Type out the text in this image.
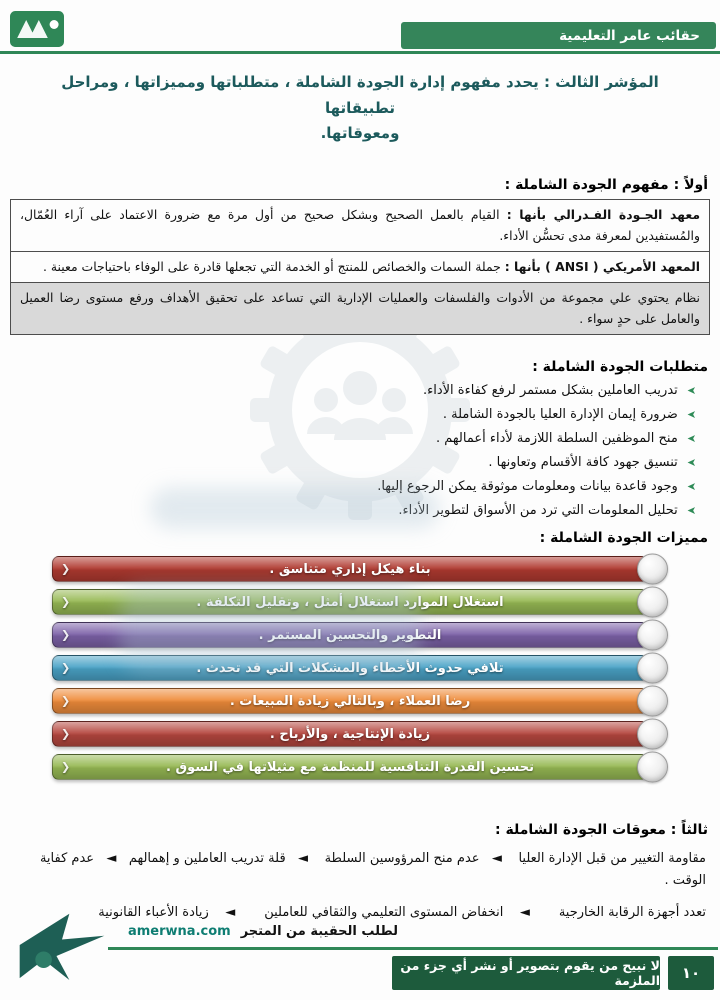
حقائب عامر التعليمية
المؤشر الثالث : يحدد مفهوم إدارة الجودة الشاملة ، متطلباتها ومميزاتها ، ومراحل تطبيقاتها
ومعوقاتها.
أولاً : مفهوم الجودة الشاملة :
معهد الجـودة الفـدرالي بأنها : القيام بالعمل الصحيح وبشكل صحيح من أول مرة مع ضرورة الاعتماد على آراء العُمّال، والمُستفيدين لمعرفة مدى تحسُّن الأداء.
المعهد الأمريكي ( ANSI ) بأنها : جملة السمات والخصائص للمنتج أو الخدمة التي تجعلها قادرة على الوفاء باحتياجات معينة .
نظام يحتوي علي مجموعة من الأدوات والفلسفات والعمليات الإدارية التي تساعد على تحقيق الأهداف ورفع مستوى رضا العميل والعامل على حدٍ سواء .
متطلبات الجودة الشاملة :
➤
تدريب العاملين بشكل مستمر لرفع كفاءة الأداء.
➤
ضرورة إيمان الإدارة العليا بالجودة الشاملة .
➤
منح الموظفين السلطة اللازمة لأداء أعمالهم .
➤
تنسيق جهود كافة الأقسام وتعاونها .
➤
وجود قاعدة بيانات ومعلومات موثوقة يمكن الرجوع إليها.
➤
تحليل المعلومات التي ترد من الأسواق لتطوير الأداء.
مميزات الجودة الشاملة :
❮	بناء هيكل إداري متناسق .
❮	استغلال الموارد استغلال أمثل ، وتقليل التكلفة .
❮	التطوير والتحسين المستمر .
❮	تلافي حدوث الأخطاء والمشكلات التي قد تحدث .
❮	رضا العملاء ، وبالتالي زيادة المبيعات .
❮	زيادة الإنتاجية ، والأرباح .
❮	تحسين القدرة التنافسية للمنظمة مع مثيلاتها في السوق .
ثالثاً : معوقات الجودة الشاملة :
مقاومة التغيير من قبل الإدارة العليا    ◄   عدم منح المرؤوسين السلطة    ◄   قلة تدريب العاملين و إهمالهم   ◄   عدم كفاية الوقت .
تعدد أجهزة الرقابة الخارجية       ◄    انخفاض المستوى التعليمي والثقافي للعاملين       ◄    زيادة الأعباء القانونية
لطلب الحقيبة من المتجر
amerwna.com
لا نبيح من يقوم بتصوير أو نشر أي جزء من الملزمة ١٠
